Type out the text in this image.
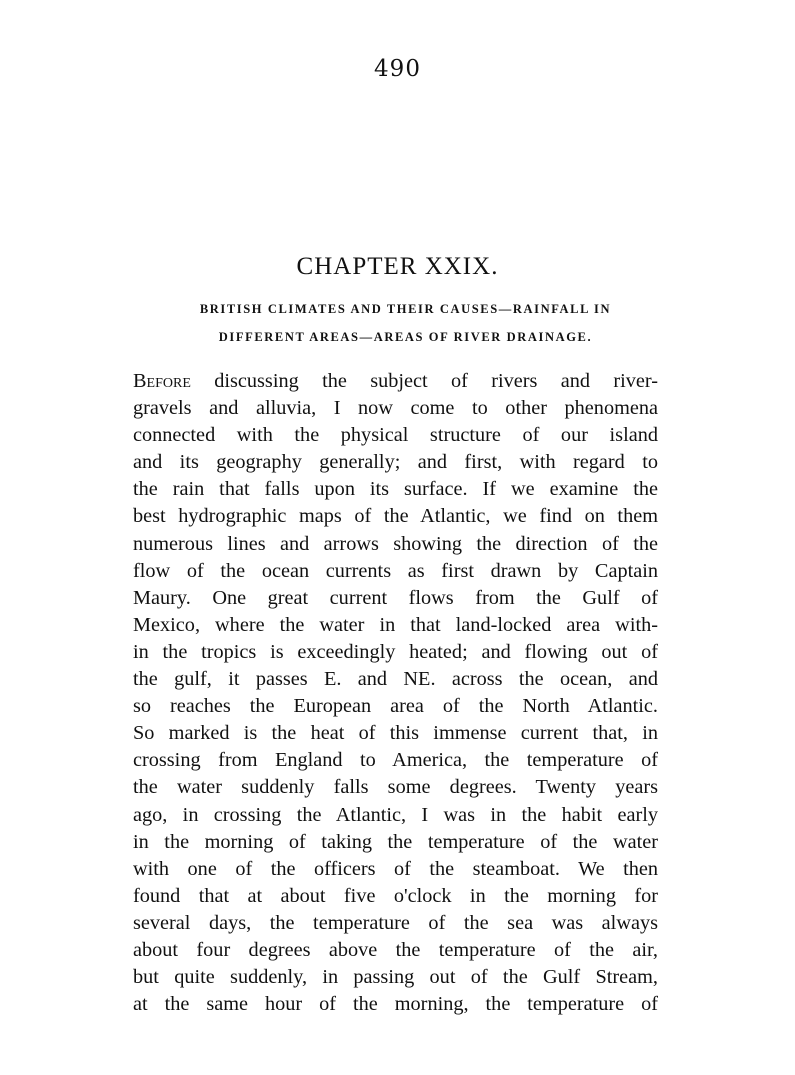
490
CHAPTER XXIX.
BRITISH CLIMATES AND THEIR CAUSES—RAINFALL IN
DIFFERENT AREAS—AREAS OF RIVER DRAINAGE.
Before discussing the subject of rivers and river-
gravels and alluvia, I now come to other phenomena
connected with the physical structure of our island
and its geography generally; and first, with regard to
the rain that falls upon its surface. If we examine the
best hydrographic maps of the Atlantic, we find on them
numerous lines and arrows showing the direction of the
flow of the ocean currents as first drawn by Captain
Maury. One great current flows from the Gulf of
Mexico, where the water in that land-locked area with-
in the tropics is exceedingly heated; and flowing out of
the gulf, it passes E. and NE. across the ocean, and
so reaches the European area of the North Atlantic.
So marked is the heat of this immense current that, in
crossing from England to America, the temperature of
the water suddenly falls some degrees. Twenty years
ago, in crossing the Atlantic, I was in the habit early
in the morning of taking the temperature of the water
with one of the officers of the steamboat. We then
found that at about five o'clock in the morning for
several days, the temperature of the sea was always
about four degrees above the temperature of the air,
but quite suddenly, in passing out of the Gulf Stream,
at the same hour of the morning, the temperature of
